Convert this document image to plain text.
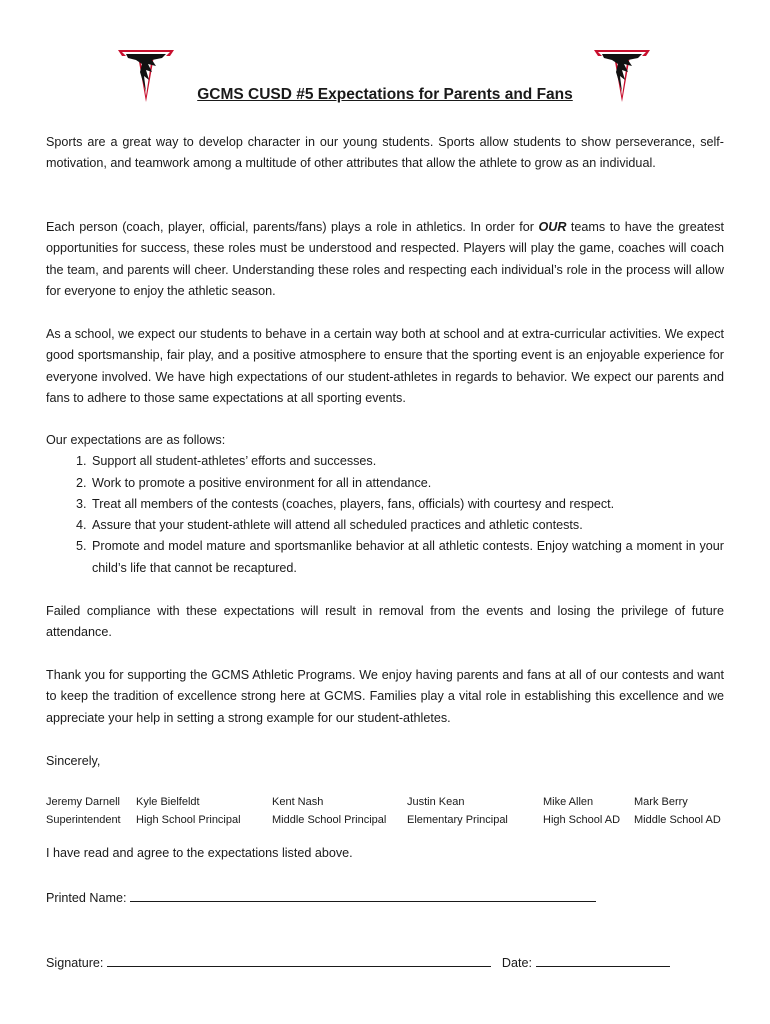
GCMS CUSD #5 Expectations for Parents and Fans

Sports are a great way to develop character in our young students. Sports allow students to show perseverance, self-motivation, and teamwork among a multitude of other attributes that allow the athlete to grow as an individual.

Each person (coach, player, official, parents/fans) plays a role in athletics. In order for OUR teams to have the greatest opportunities for success, these roles must be understood and respected. Players will play the game, coaches will coach the team, and parents will cheer. Understanding these roles and respecting each individual’s role in the process will allow for everyone to enjoy the athletic season.

As a school, we expect our students to behave in a certain way both at school and at extra-curricular activities. We expect good sportsmanship, fair play, and a positive atmosphere to ensure that the sporting event is an enjoyable experience for everyone involved. We have high expectations of our student-athletes in regards to behavior. We expect our parents and fans to adhere to those same expectations at all sporting events.

Our expectations are as follows:

1. Support all student-athletes’ efforts and successes.
2. Work to promote a positive environment for all in attendance.
3. Treat all members of the contests (coaches, players, fans, officials) with courtesy and respect.
4. Assure that your student-athlete will attend all scheduled practices and athletic contests.
5. Promote and model mature and sportsmanlike behavior at all athletic contests. Enjoy watching a moment in your child’s life that cannot be recaptured.

Failed compliance with these expectations will result in removal from the events and losing the privilege of future attendance.

Thank you for supporting the GCMS Athletic Programs. We enjoy having parents and fans at all of our contests and want to keep the tradition of excellence strong here at GCMS. Families play a vital role in establishing this excellence and we appreciate your help in setting a strong example for our student-athletes.

Sincerely,

Jeremy Darnell
Superintendent
Kyle Bielfeldt
High School Principal
Kent Nash
Middle School Principal
Justin Kean
Elementary Principal
Mike Allen
High School AD
Mark Berry
Middle School AD
I have read and agree to the expectations listed above.
Printed Name:
Signature:	Date:
